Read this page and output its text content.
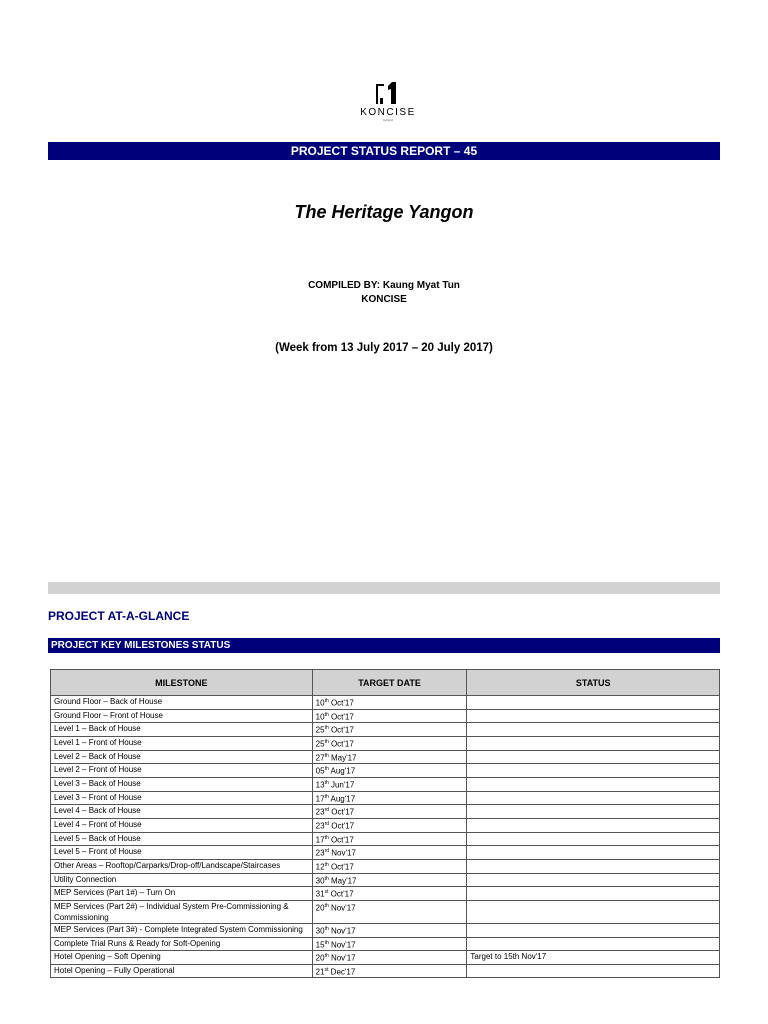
KONCISE
byNord
PROJECT STATUS REPORT – 45
The Heritage Yangon
COMPILED BY: Kaung Myat Tun
KONCISE
(Week from 13 July 2017 – 20 July 2017)
PROJECT AT-A-GLANCE
PROJECT KEY MILESTONES STATUS
MILESTONE	TARGET DATE	STATUS
Ground Floor – Back of House	10th Oct'17	
Ground Floor – Front of House	10th Oct'17	
Level 1 – Back of House	25th Oct'17	
Level 1 – Front of House	25th Oct'17	
Level 2 – Back of House	27th May'17	
Level 2 – Front of House	05th Aug'17	
Level 3 – Back of House	13th Jun'17	
Level 3 – Front of House	17th Aug'17	
Level 4 – Back of House	23rd Oct'17	
Level 4 – Front of House	23rd Oct'17	
Level 5 – Back of House	17th Oct'17	
Level 5 – Front of House	23rd Nov'17	
Other Areas – Rooftop/Carparks/Drop-off/Landscape/Staircases	12th Oct'17	
Utility Connection	30th May'17	
MEP Services (Part 1#) – Turn On	31st Oct'17	
MEP Services (Part 2#) – Individual System Pre-Commissioning & Commissioning	20th Nov'17	
MEP Services (Part 3#) - Complete Integrated System Commissioning	30th Nov'17	
Complete Trial Runs & Ready for Soft-Opening	15th Nov'17	
Hotel Opening – Soft Opening	20th Nov'17	Target to 15th Nov'17
Hotel Opening – Fully Operational	21st Dec'17	
